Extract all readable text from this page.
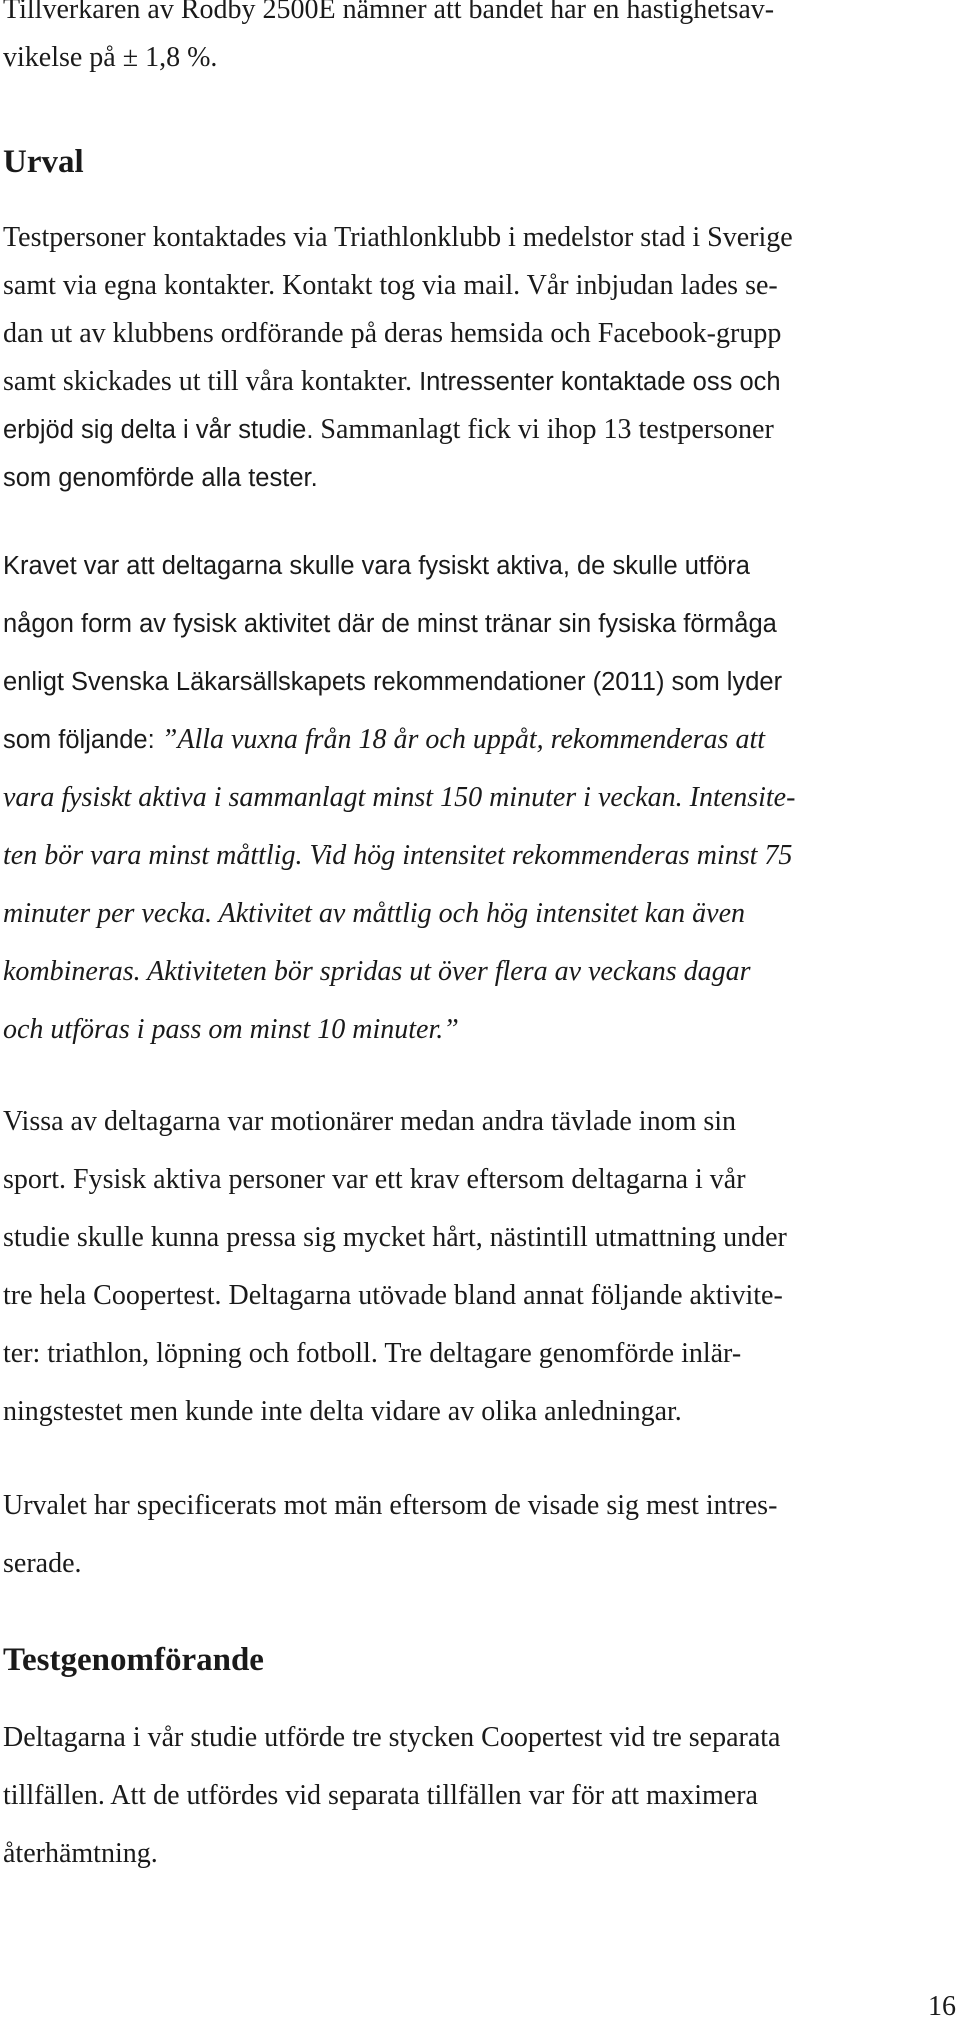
Tillverkaren av Rodby 2500E nämner att bandet har en hastighetsav-

vikelse på ± 1,8 %.

Urval

Testpersoner kontaktades via Triathlonklubb i medelstor stad i Sverige

samt via egna kontakter. Kontakt tog via mail. Vår inbjudan lades se-

dan ut av klubbens ordförande på deras hemsida och Facebook-grupp

samt skickades ut till våra kontakter. Intressenter kontaktade oss och

erbjöd sig delta i vår studie. Sammanlagt fick vi ihop 13 testpersoner

som genomförde alla tester.

Kravet var att deltagarna skulle vara fysiskt aktiva, de skulle utföra

någon form av fysisk aktivitet där de minst tränar sin fysiska förmåga

enligt Svenska Läkarsällskapets rekommendationer (2011) som lyder

som följande: ”Alla vuxna från 18 år och uppåt, rekommenderas att

vara fysiskt aktiva i sammanlagt minst 150 minuter i veckan. Intensite-

ten bör vara minst måttlig. Vid hög intensitet rekommenderas minst 75

minuter per vecka. Aktivitet av måttlig och hög intensitet kan även

kombineras. Aktiviteten bör spridas ut över flera av veckans dagar

och utföras i pass om minst 10 minuter.”

Vissa av deltagarna var motionärer medan andra tävlade inom sin

sport. Fysisk aktiva personer var ett krav eftersom deltagarna i vår

studie skulle kunna pressa sig mycket hårt, nästintill utmattning under

tre hela Coopertest. Deltagarna utövade bland annat följande aktivite-

ter: triathlon, löpning och fotboll. Tre deltagare genomförde inlär-

ningstestet men kunde inte delta vidare av olika anledningar.

Urvalet har specificerats mot män eftersom de visade sig mest intres-

serade.

Testgenomförande

Deltagarna i vår studie utförde tre stycken Coopertest vid tre separata

tillfällen. Att de utfördes vid separata tillfällen var för att maximera

återhämtning.

16
